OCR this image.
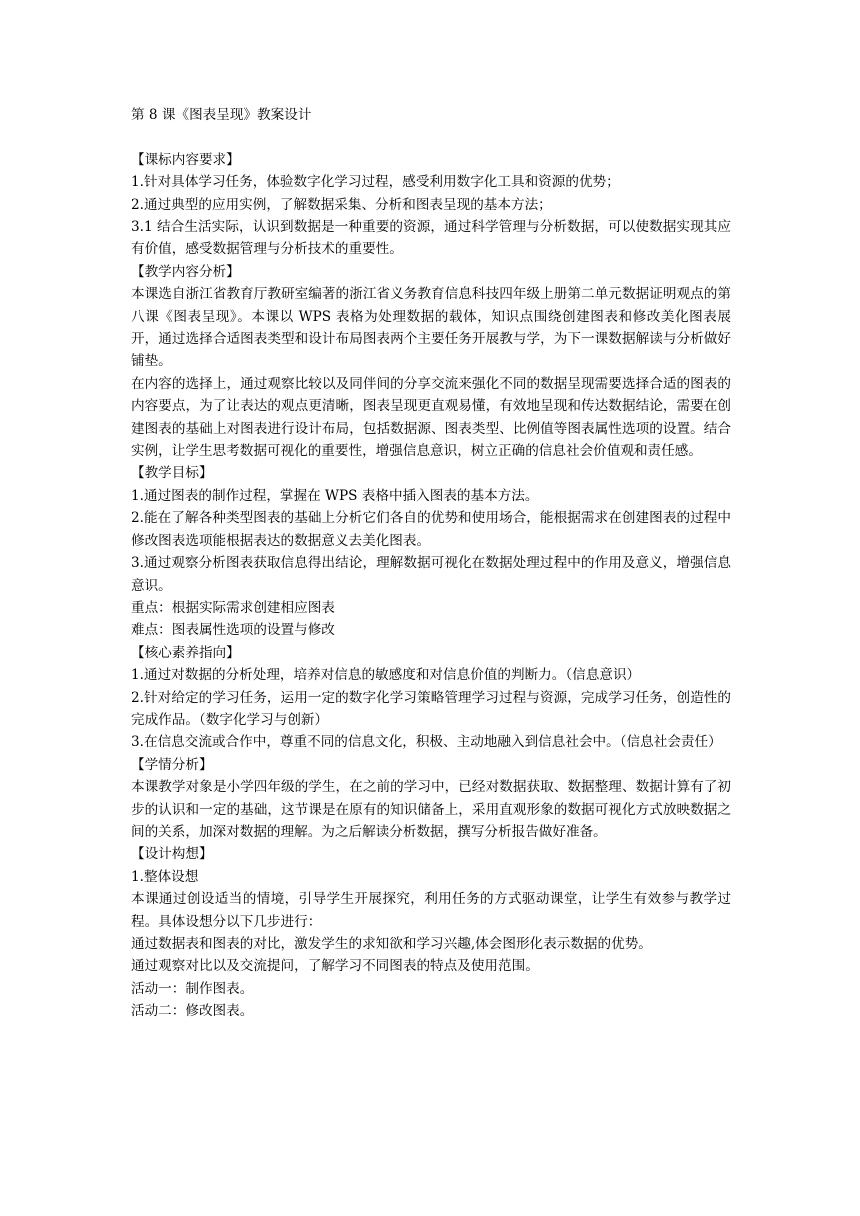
第 8 课《图表呈现》教案设计

【课标内容要求】

1.针对具体学习任务，体验数字化学习过程，感受利用数字化工具和资源的优势；

2.通过典型的应用实例，了解数据采集、分析和图表呈现的基本方法；

3.1 结合生活实际，认识到数据是一种重要的资源，通过科学管理与分析数据，可以使数据实现其应有价值，感受数据管理与分析技术的重要性。

【教学内容分析】

本课选自浙江省教育厅教研室编著的浙江省义务教育信息科技四年级上册第二单元数据证明观点的第八课《图表呈现》。本课以 WPS 表格为处理数据的载体，知识点围绕创建图表和修改美化图表展开，通过选择合适图表类型和设计布局图表两个主要任务开展教与学，为下一课数据解读与分析做好铺垫。

在内容的选择上，通过观察比较以及同伴间的分享交流来强化不同的数据呈现需要选择合适的图表的内容要点，为了让表达的观点更清晰，图表呈现更直观易懂，有效地呈现和传达数据结论，需要在创建图表的基础上对图表进行设计布局，包括数据源、图表类型、比例值等图表属性选项的设置。结合实例，让学生思考数据可视化的重要性，增强信息意识，树立正确的信息社会价值观和责任感。

【教学目标】

1.通过图表的制作过程，掌握在 WPS 表格中插入图表的基本方法。

2.能在了解各种类型图表的基础上分析它们各自的优势和使用场合，能根据需求在创建图表的过程中修改图表选项能根据表达的数据意义去美化图表。

3.通过观察分析图表获取信息得出结论，理解数据可视化在数据处理过程中的作用及意义，增强信息意识。

重点：根据实际需求创建相应图表

难点：图表属性选项的设置与修改

【核心素养指向】

1.通过对数据的分析处理，培养对信息的敏感度和对信息价值的判断力。（信息意识）

2.针对给定的学习任务，运用一定的数字化学习策略管理学习过程与资源，完成学习任务，创造性的完成作品。（数字化学习与创新）

3.在信息交流或合作中，尊重不同的信息文化，积极、主动地融入到信息社会中。（信息社会责任）

【学情分析】

本课教学对象是小学四年级的学生，在之前的学习中，已经对数据获取、数据整理、数据计算有了初步的认识和一定的基础，这节课是在原有的知识储备上，采用直观形象的数据可视化方式放映数据之间的关系，加深对数据的理解。为之后解读分析数据，撰写分析报告做好准备。

【设计构想】

1.整体设想

本课通过创设适当的情境，引导学生开展探究，利用任务的方式驱动课堂，让学生有效参与教学过程。具体设想分以下几步进行：

通过数据表和图表的对比，激发学生的求知欲和学习兴趣,体会图形化表示数据的优势。

通过观察对比以及交流提问，了解学习不同图表的特点及使用范围。

活动一：制作图表。

活动二：修改图表。
